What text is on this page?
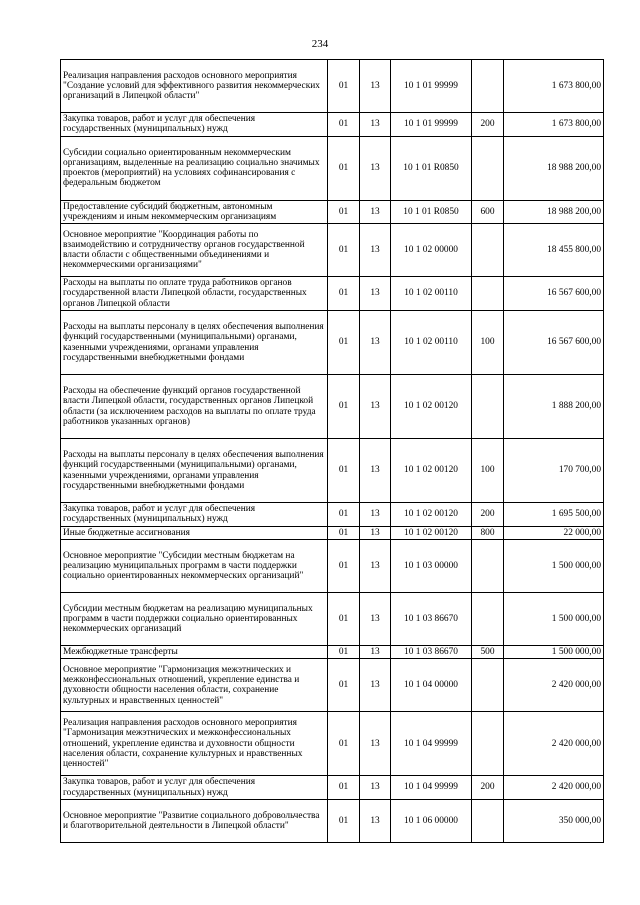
234
Реализация направления расходов основного мероприятия "Создание условий для эффективного развития некоммерческих организаций в Липецкой области"	01	13	10 1 01 99999		1 673 800,00
Закупка товаров, работ и услуг для обеспечения государственных (муниципальных) нужд	01	13	10 1 01 99999	200	1 673 800,00
Субсидии социально ориентированным некоммерческим организациям, выделенные на реализацию социально значимых проектов (мероприятий) на условиях софинансирования с федеральным бюджетом	01	13	10 1 01 R0850		18 988 200,00
Предоставление субсидий бюджетным, автономным учреждениям и иным некоммерческим организациям	01	13	10 1 01 R0850	600	18 988 200,00
Основное мероприятие "Координация работы по взаимодействию и сотрудничеству органов государственной власти области с общественными объединениями и некоммерческими организациями"	01	13	10 1 02 00000		18 455 800,00
Расходы на выплаты по оплате труда работников органов государственной власти Липецкой области, государственных органов Липецкой области	01	13	10 1 02 00110		16 567 600,00
Расходы на выплаты персоналу в целях обеспечения выполнения функций государственными (муниципальными) органами, казенными учреждениями, органами управления государственными внебюджетными фондами	01	13	10 1 02 00110	100	16 567 600,00
Расходы на обеспечение функций органов государственной власти Липецкой области, государственных органов Липецкой области (за исключением расходов на выплаты по оплате труда работников указанных органов)	01	13	10 1 02 00120		1 888 200,00
Расходы на выплаты персоналу в целях обеспечения выполнения функций государственными (муниципальными) органами, казенными учреждениями, органами управления государственными внебюджетными фондами	01	13	10 1 02 00120	100	170 700,00
Закупка товаров, работ и услуг для обеспечения государственных (муниципальных) нужд	01	13	10 1 02 00120	200	1 695 500,00
Иные бюджетные ассигнования	01	13	10 1 02 00120	800	22 000,00
Основное мероприятие "Субсидии местным бюджетам на реализацию муниципальных программ в части поддержки социально ориентированных некоммерческих организаций"	01	13	10 1 03 00000		1 500 000,00
Субсидии местным бюджетам на реализацию муниципальных программ в части поддержки социально ориентированных некоммерческих организаций	01	13	10 1 03 86670		1 500 000,00
Межбюджетные трансферты	01	13	10 1 03 86670	500	1 500 000,00
Основное мероприятие "Гармонизация межэтнических и межконфессиональных отношений, укрепление единства и духовности общности населения области, сохранение культурных и нравственных ценностей"	01	13	10 1 04 00000		2 420 000,00
Реализация направления расходов основного мероприятия "Гармонизация межэтнических и межконфессиональных отношений, укрепление единства и духовности общности населения области, сохранение культурных и нравственных ценностей"	01	13	10 1 04 99999		2 420 000,00
Закупка товаров, работ и услуг для обеспечения государственных (муниципальных) нужд	01	13	10 1 04 99999	200	2 420 000,00
Основное мероприятие "Развитие социального добровольчества и благотворительной деятельности в Липецкой области"	01	13	10 1 06 00000		350 000,00
